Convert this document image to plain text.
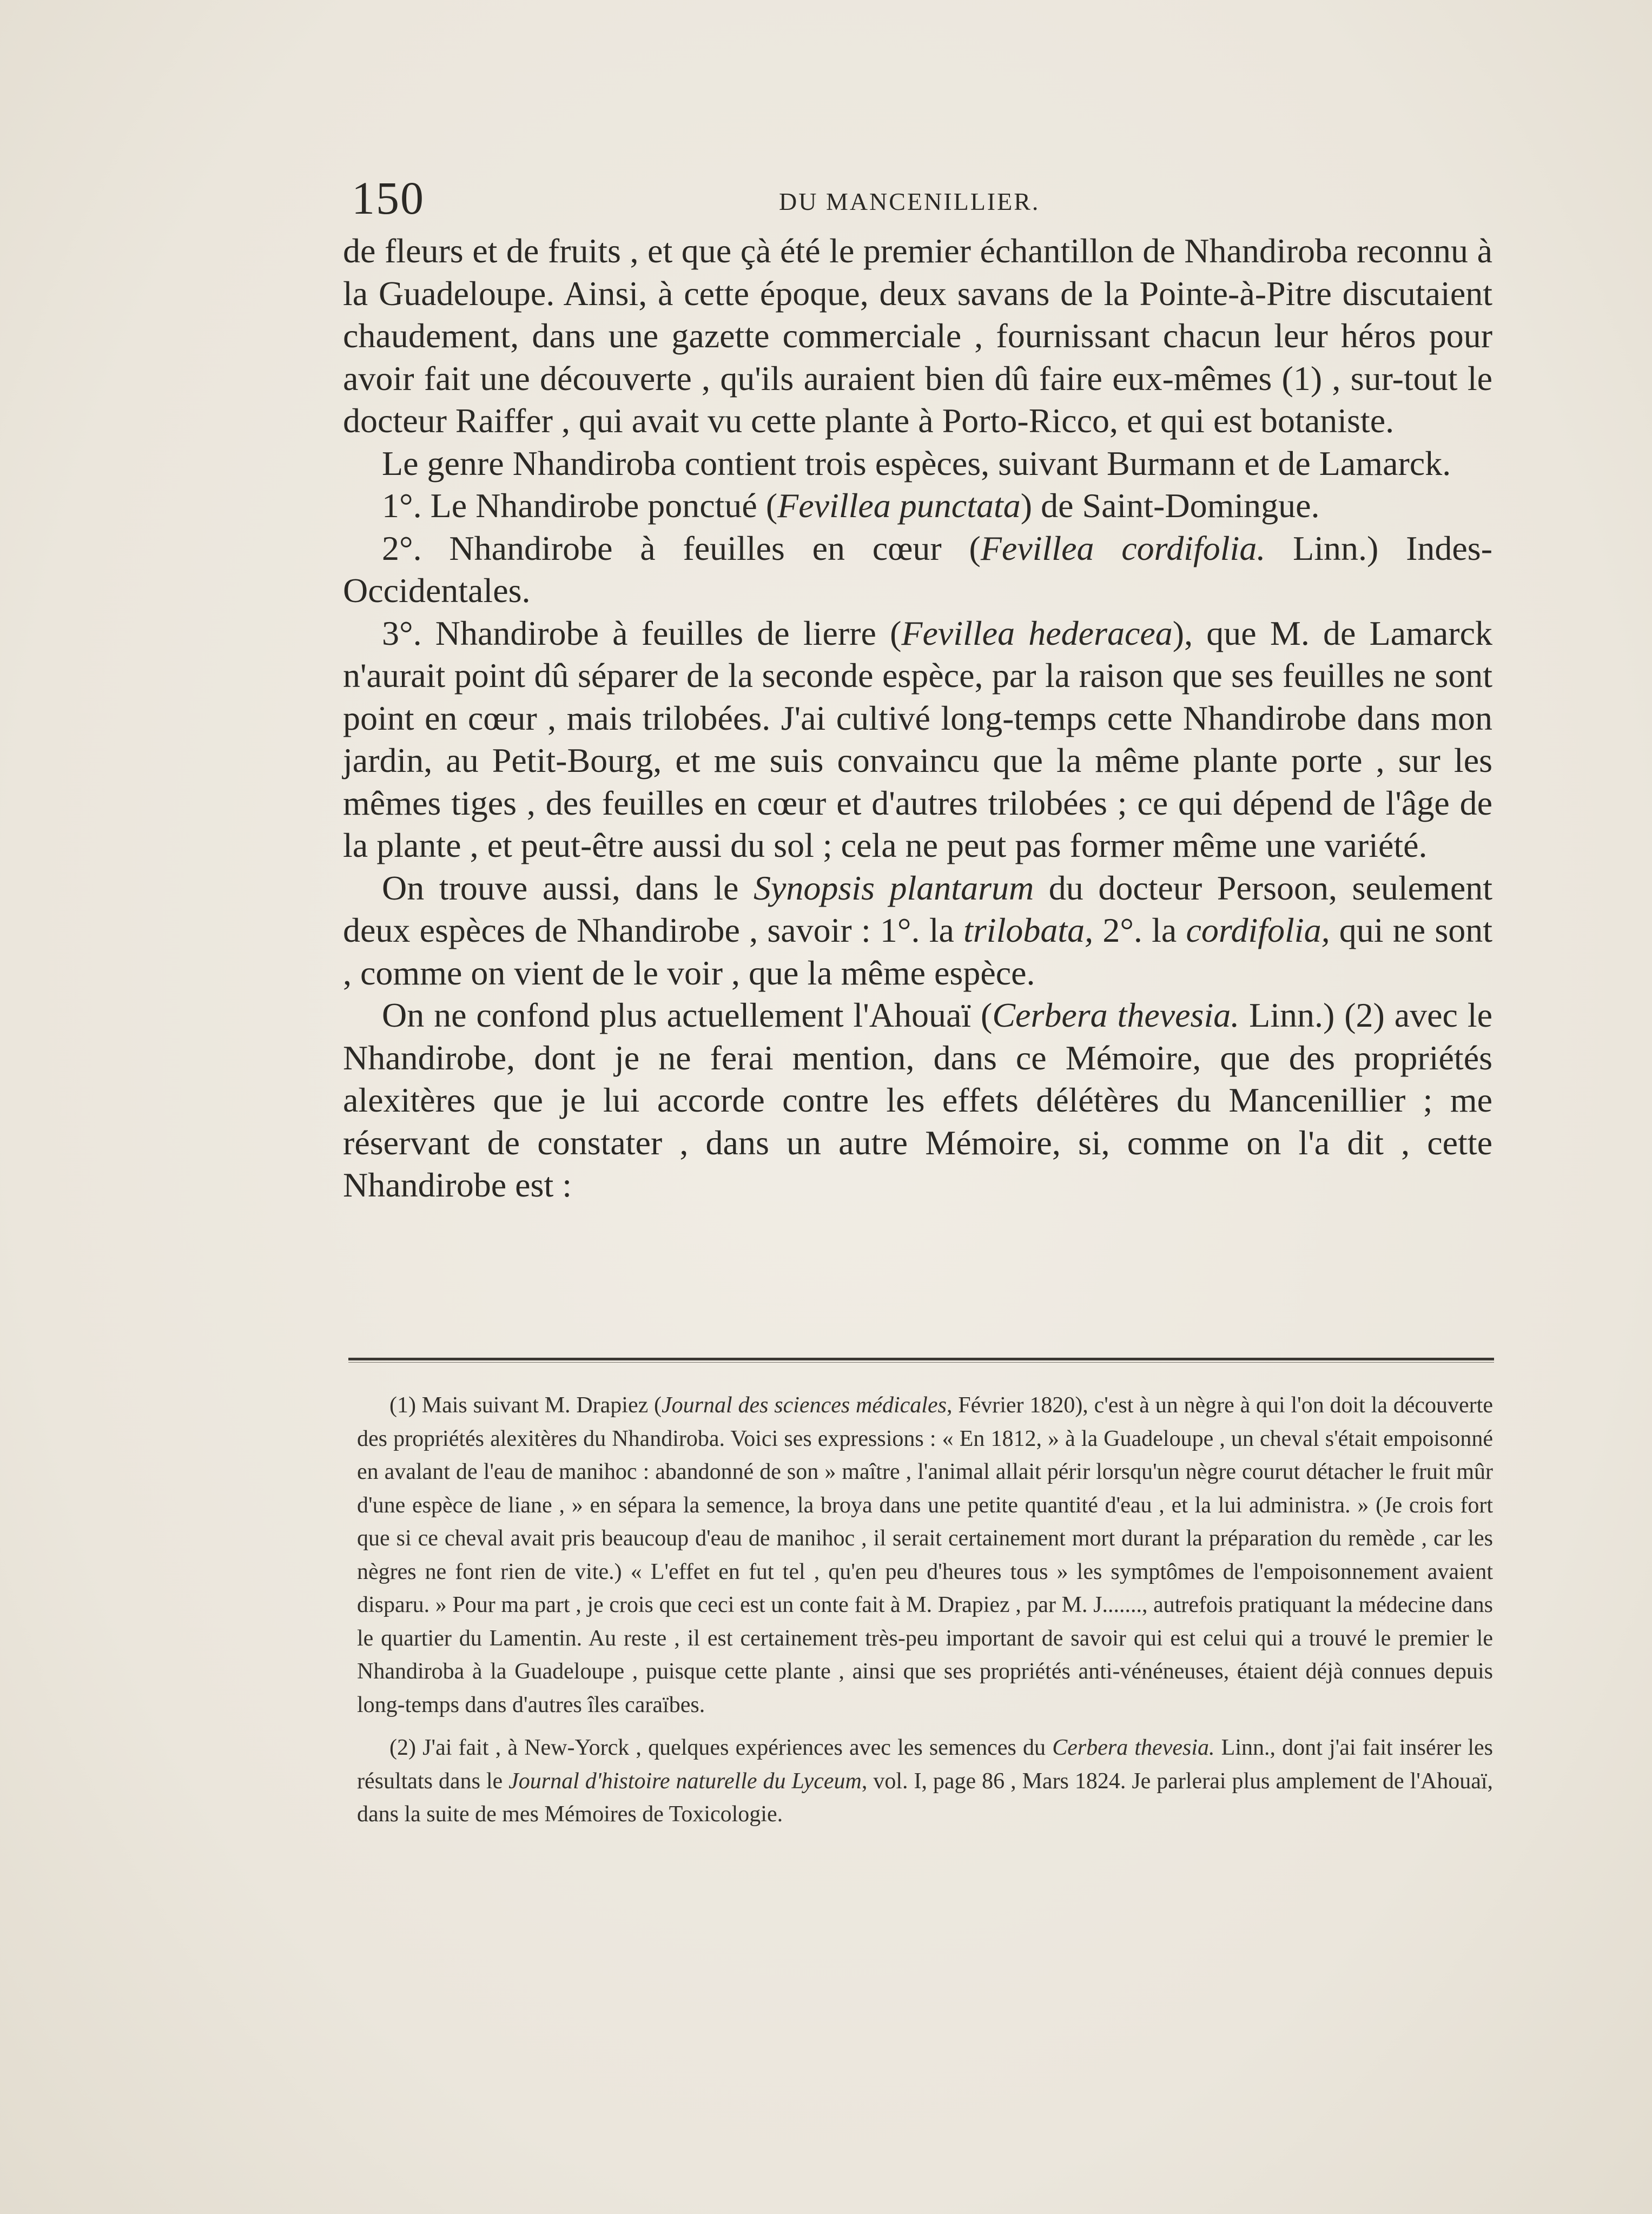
150	DU MANCENILLIER.

de fleurs et de fruits , et que çà été le premier échantillon de Nhandiroba reconnu à la Guadeloupe. Ainsi, à cette époque, deux savans de la Pointe-à-Pitre discutaient chaudement, dans une gazette commerciale , fournissant chacun leur héros pour avoir fait une découverte , qu'ils auraient bien dû faire eux-mêmes (1) , sur-tout le docteur Raiffer , qui avait vu cette plante à Porto-Ricco, et qui est botaniste.

Le genre Nhandiroba contient trois espèces, suivant Burmann et de Lamarck.

1°. Le Nhandirobe ponctué (Fevillea punctata) de Saint-Domingue.

2°. Nhandirobe à feuilles en cœur (Fevillea cordifolia. Linn.) Indes-Occidentales.

3°. Nhandirobe à feuilles de lierre (Fevillea hederacea), que M. de Lamarck n'aurait point dû séparer de la seconde espèce, par la raison que ses feuilles ne sont point en cœur , mais trilobées. J'ai cultivé long-temps cette Nhandirobe dans mon jardin, au Petit-Bourg, et me suis convaincu que la même plante porte , sur les mêmes tiges , des feuilles en cœur et d'autres trilobées ; ce qui dépend de l'âge de la plante , et peut-être aussi du sol ; cela ne peut pas former même une variété.

On trouve aussi, dans le Synopsis plantarum du docteur Persoon, seulement deux espèces de Nhandirobe , savoir : 1°. la trilobata, 2°. la cordifolia, qui ne sont , comme on vient de le voir , que la même espèce.

On ne confond plus actuellement l'Ahouaï (Cerbera thevesia. Linn.) (2) avec le Nhandirobe, dont je ne ferai mention, dans ce Mémoire, que des propriétés alexitères que je lui accorde contre les effets délétères du Mancenillier ; me réservant de constater , dans un autre Mémoire, si, comme on l'a dit , cette Nhandirobe est :

(1) Mais suivant M. Drapiez (Journal des sciences médicales, Février 1820), c'est à un nègre à qui l'on doit la découverte des propriétés alexitères du Nhandiroba. Voici ses expressions : « En 1812, » à la Guadeloupe , un cheval s'était empoisonné en avalant de l'eau de manihoc : abandonné de son » maître , l'animal allait périr lorsqu'un nègre courut détacher le fruit mûr d'une espèce de liane , » en sépara la semence, la broya dans une petite quantité d'eau , et la lui administra. » (Je crois fort que si ce cheval avait pris beaucoup d'eau de manihoc , il serait certainement mort durant la préparation du remède , car les nègres ne font rien de vite.) « L'effet en fut tel , qu'en peu d'heures tous » les symptômes de l'empoisonnement avaient disparu. » Pour ma part , je crois que ceci est un conte fait à M. Drapiez , par M. J......., autrefois pratiquant la médecine dans le quartier du Lamentin. Au reste , il est certainement très-peu important de savoir qui est celui qui a trouvé le premier le Nhandiroba à la Guadeloupe , puisque cette plante , ainsi que ses propriétés anti-vénéneuses, étaient déjà connues depuis long-temps dans d'autres îles caraïbes.

(2) J'ai fait , à New-Yorck , quelques expériences avec les semences du Cerbera thevesia. Linn., dont j'ai fait insérer les résultats dans le Journal d'histoire naturelle du Lyceum, vol. I, page 86 , Mars 1824. Je parlerai plus amplement de l'Ahouaï, dans la suite de mes Mémoires de Toxicologie.
